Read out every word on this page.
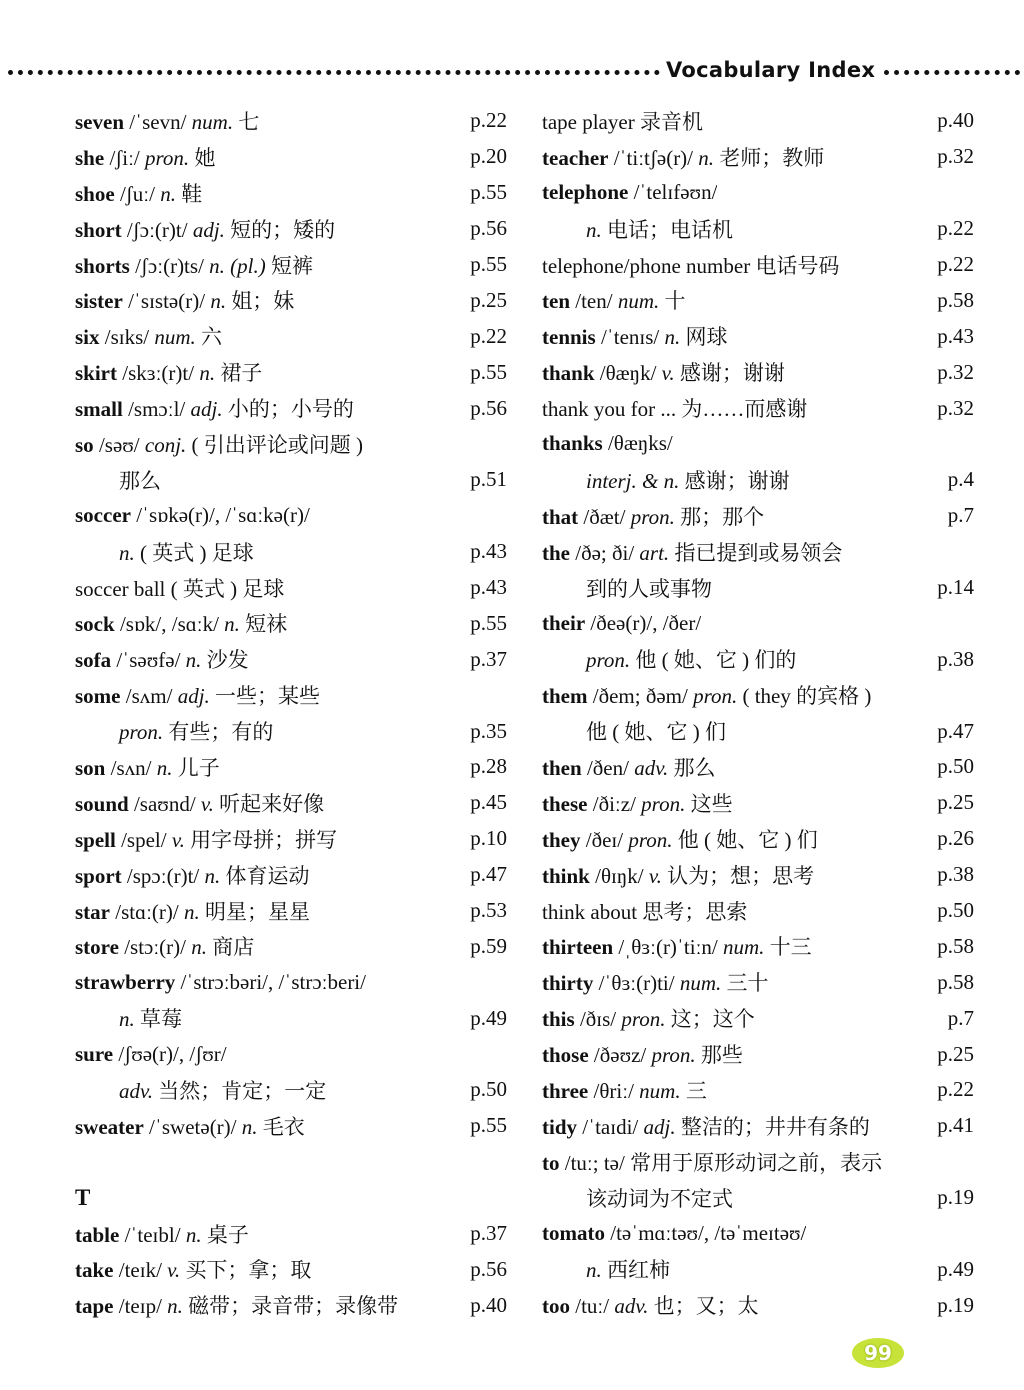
Vocabulary Index
seven /ˈsevn/ num. 七	p.22
she /ʃiː/ pron. 她	p.20
shoe /ʃuː/ n. 鞋	p.55
short /ʃɔː(r)t/ adj. 短的；矮的	p.56
shorts /ʃɔː(r)ts/ n. (pl.) 短裤	p.55
sister /ˈsɪstə(r)/ n. 姐；妹	p.25
six /sɪks/ num. 六	p.22
skirt /skɜː(r)t/ n. 裙子	p.55
small /smɔːl/ adj. 小的；小号的	p.56
so /səʊ/ conj. ( 引出评论或问题 )
那么	p.51
soccer /ˈsɒkə(r)/, /ˈsɑːkə(r)/
n. ( 英式 ) 足球	p.43
soccer ball ( 英式 ) 足球	p.43
sock /sɒk/, /sɑːk/ n. 短袜	p.55
sofa /ˈsəʊfə/ n. 沙发	p.37
some /sʌm/ adj. 一些；某些
pron. 有些；有的	p.35
son /sʌn/ n. 儿子	p.28
sound /saʊnd/ v. 听起来好像	p.45
spell /spel/ v. 用字母拼；拼写	p.10
sport /spɔː(r)t/ n. 体育运动	p.47
star /stɑː(r)/ n. 明星；星星	p.53
store /stɔː(r)/ n. 商店	p.59
strawberry /ˈstrɔːbəri/, /ˈstrɔːberi/
n. 草莓	p.49
sure /ʃʊə(r)/, /ʃʊr/
adv. 当然；肯定；一定	p.50
sweater /ˈswetə(r)/ n. 毛衣	p.55
T
table /ˈteɪbl/ n. 桌子	p.37
take /teɪk/ v. 买下；拿；取	p.56
tape /teɪp/ n. 磁带；录音带；录像带	p.40
tape player 录音机	p.40
teacher /ˈtiːtʃə(r)/ n. 老师；教师	p.32
telephone /ˈtelɪfəʊn/
n. 电话；电话机	p.22
telephone/phone number 电话号码	p.22
ten /ten/ num. 十	p.58
tennis /ˈtenɪs/ n. 网球	p.43
thank /θæŋk/ v. 感谢；谢谢	p.32
thank you for ... 为……而感谢	p.32
thanks /θæŋks/
interj. & n. 感谢；谢谢	p.4
that /ðæt/ pron. 那；那个	p.7
the /ðə; ði/ art. 指已提到或易领会
到的人或事物	p.14
their /ðeə(r)/, /ðer/
pron. 他 ( 她、它 ) 们的	p.38
them /ðem; ðəm/ pron. ( they 的宾格 )
他 ( 她、它 ) 们	p.47
then /ðen/ adv. 那么	p.50
these /ðiːz/ pron. 这些	p.25
they /ðeɪ/ pron. 他 ( 她、它 ) 们	p.26
think /θɪŋk/ v. 认为；想；思考	p.38
think about 思考；思索	p.50
thirteen /ˌθɜː(r)ˈtiːn/ num. 十三	p.58
thirty /ˈθɜː(r)ti/ num. 三十	p.58
this /ðɪs/ pron. 这；这个	p.7
those /ðəʊz/ pron. 那些	p.25
three /θriː/ num. 三	p.22
tidy /ˈtaɪdi/ adj. 整洁的；井井有条的	p.41
to /tuː; tə/ 常用于原形动词之前，表示
该动词为不定式	p.19
tomato /təˈmɑːtəʊ/, /təˈmeɪtəʊ/
n. 西红柿	p.49
too /tuː/ adv. 也；又；太	p.19
99
